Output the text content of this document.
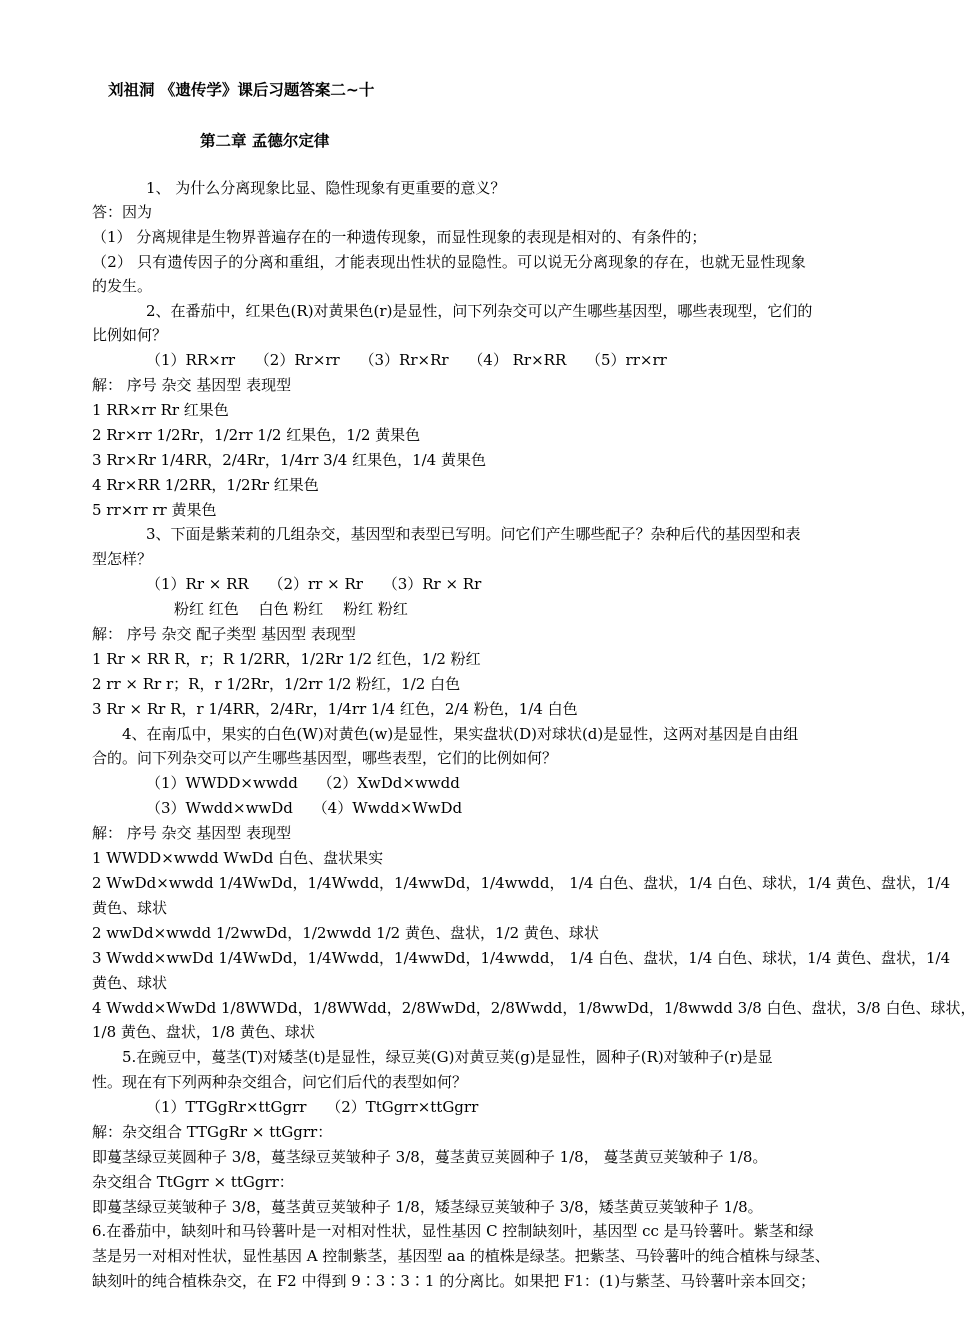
刘祖洞 《遗传学》课后习题答案二~十
第二章 孟德尔定律
1、 为什么分离现象比显、隐性现象有更重要的意义？
答：因为
（1） 分离规律是生物界普遍存在的一种遗传现象，而显性现象的表现是相对的、有条件的；
（2） 只有遗传因子的分离和重组，才能表现出性状的显隐性。可以说无分离现象的存在，也就无显性现象
的发生。
2、在番茄中，红果色(R)对黄果色(r)是显性，问下列杂交可以产生哪些基因型，哪些表现型，它们的
比例如何？
（1）RR×rr　 （2）Rr×rr　 （3）Rr×Rr　 （4） Rr×RR　 （5）rr×rr
解： 序号 杂交 基因型 表现型
1 RR×rr Rr 红果色
2 Rr×rr 1/2Rr，1/2rr 1/2 红果色，1/2 黄果色
3 Rr×Rr 1/4RR，2/4Rr，1/4rr 3/4 红果色，1/4 黄果色
4 Rr×RR 1/2RR，1/2Rr 红果色
5 rr×rr rr 黄果色
3、下面是紫茉莉的几组杂交，基因型和表型已写明。问它们产生哪些配子？杂种后代的基因型和表
型怎样？
（1）Rr × RR　 （2）rr × Rr　 （3）Rr × Rr
粉红 红色　 白色 粉红　 粉红 粉红
解： 序号 杂交 配子类型 基因型 表现型
1 Rr × RR R，r；R 1/2RR，1/2Rr 1/2 红色，1/2 粉红
2 rr × Rr r；R，r 1/2Rr，1/2rr 1/2 粉红，1/2 白色
3 Rr × Rr R，r 1/4RR，2/4Rr，1/4rr 1/4 红色，2/4 粉色，1/4 白色
4、在南瓜中，果实的白色(W)对黄色(w)是显性，果实盘状(D)对球状(d)是显性，这两对基因是自由组
合的。问下列杂交可以产生哪些基因型，哪些表型，它们的比例如何？
（1）WWDD×wwdd　 （2）XwDd×wwdd
（3）Wwdd×wwDd　 （4）Wwdd×WwDd
解： 序号 杂交 基因型 表现型
1 WWDD×wwdd WwDd 白色、盘状果实
2 WwDd×wwdd 1/4WwDd，1/4Wwdd，1/4wwDd，1/4wwdd， 1/4 白色、盘状，1/4 白色、球状，1/4 黄色、盘状，1/4
黄色、球状
2 wwDd×wwdd 1/2wwDd，1/2wwdd 1/2 黄色、盘状，1/2 黄色、球状
3 Wwdd×wwDd 1/4WwDd，1/4Wwdd，1/4wwDd，1/4wwdd， 1/4 白色、盘状，1/4 白色、球状，1/4 黄色、盘状，1/4
黄色、球状
4 Wwdd×WwDd 1/8WWDd，1/8WWdd，2/8WwDd，2/8Wwdd，1/8wwDd，1/8wwdd 3/8 白色、盘状，3/8 白色、球状，
1/8 黄色、盘状，1/8 黄色、球状
5.在豌豆中，蔓茎(T)对矮茎(t)是显性，绿豆荚(G)对黄豆荚(g)是显性，圆种子(R)对皱种子(r)是显
性。现在有下列两种杂交组合，问它们后代的表型如何？
（1）TTGgRr×ttGgrr　 （2）TtGgrr×ttGgrr
解：杂交组合 TTGgRr × ttGgrr：
即蔓茎绿豆荚圆种子 3/8，蔓茎绿豆荚皱种子 3/8，蔓茎黄豆荚圆种子 1/8， 蔓茎黄豆荚皱种子 1/8。
杂交组合 TtGgrr × ttGgrr：
即蔓茎绿豆荚皱种子 3/8，蔓茎黄豆荚皱种子 1/8，矮茎绿豆荚皱种子 3/8，矮茎黄豆荚皱种子 1/8。
6.在番茄中，缺刻叶和马铃薯叶是一对相对性状，显性基因 C 控制缺刻叶，基因型 cc 是马铃薯叶。紫茎和绿
茎是另一对相对性状，显性基因 A 控制紫茎，基因型 aa 的植株是绿茎。把紫茎、马铃薯叶的纯合植株与绿茎、
缺刻叶的纯合植株杂交，在 F2 中得到 9∶3∶3∶1 的分离比。如果把 F1：(1)与紫茎、马铃薯叶亲本回交；
